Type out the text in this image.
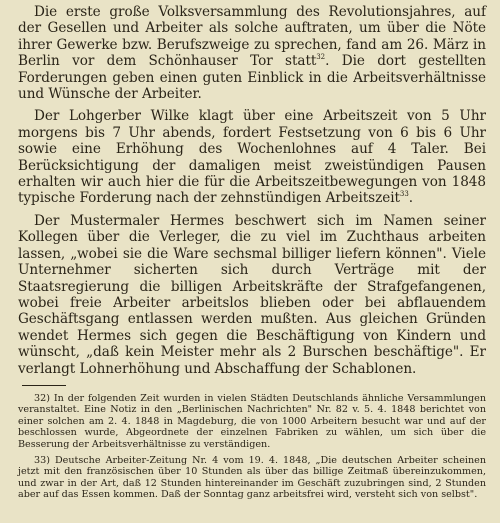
Die erste große Volksversammlung des Revolutionsjahres, auf der Gesellen und Arbeiter als solche auftraten, um über die Nöte ihrer Gewerke bzw. Berufszweige zu sprechen, fand am 26. März in Berlin vor dem Schönhauser Tor statt$^{32}$. Die dort gestellten Forderungen geben einen guten Einblick in die Arbeitsverhältnisse und Wünsche der Arbeiter.

Der Lohgerber Wilke klagt über eine Arbeitszeit von 5 Uhr morgens bis 7 Uhr abends, fordert Festsetzung von 6 bis 6 Uhr sowie eine Erhöhung des Wochenlohnes auf 4 Taler. Bei Berücksichtigung der damaligen meist zweistündigen Pausen erhalten wir auch hier die für die Arbeitszeitbewegungen von 1848 typische Forderung nach der zehnstündigen Arbeitszeit$^{33}$.

Der Mustermaler Hermes beschwert sich im Namen seiner Kollegen über die Verleger, die zu viel im Zuchthaus arbeiten lassen, „wobei sie die Ware sechsmal billiger liefern können". Viele Unternehmer sicherten sich durch Verträge mit der Staatsregierung die billigen Arbeitskräfte der Strafgefangenen, wobei freie Arbeiter arbeitslos blieben oder bei abflauendem Geschäftsgang entlassen werden mußten. Aus gleichen Gründen wendet Hermes sich gegen die Beschäftigung von Kindern und wünscht, „daß kein Meister mehr als 2 Burschen beschäftige". Er verlangt Lohnerhöhung und Abschaffung der Schablonen.

32) In der folgenden Zeit wurden in vielen Städten Deutschlands ähnliche Versammlungen veranstaltet. Eine Notiz in den „Berlinischen Nachrichten" Nr. 82 v. 5. 4. 1848 berichtet von einer solchen am 2. 4. 1848 in Magdeburg, die von 1000 Arbeitern besucht war und auf der beschlossen wurde, Abgeordnete der einzelnen Fabriken zu wählen, um sich über die Besserung der Arbeitsverhältnisse zu verständigen.

33) Deutsche Arbeiter-Zeitung Nr. 4 vom 19. 4. 1848, „Die deutschen Arbeiter scheinen jetzt mit den französischen über 10 Stunden als über das billige Zeitmaß übereinzukommen, und zwar in der Art, daß 12 Stunden hintereinander im Geschäft zuzubringen sind, 2 Stunden aber auf das Essen kommen. Daß der Sonntag ganz arbeitsfrei wird, versteht sich von selbst".
